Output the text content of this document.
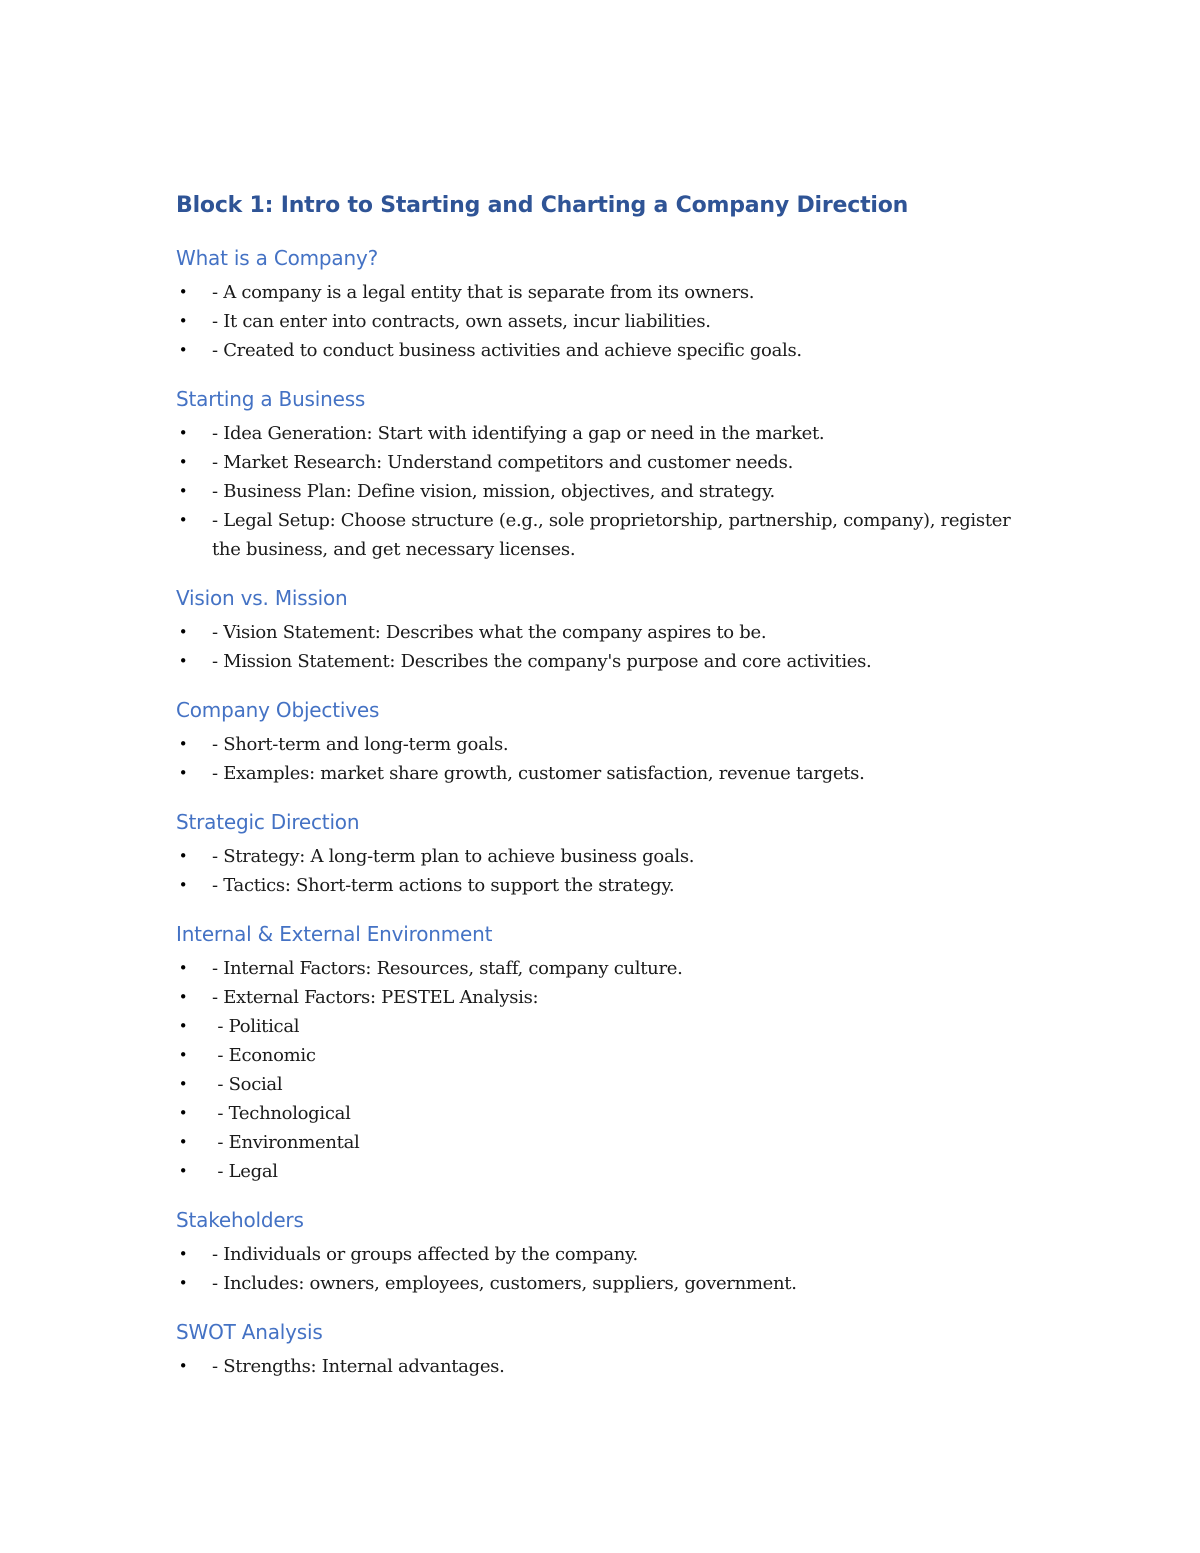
Block 1: Intro to Starting and Charting a Company Direction
What is a Company?
• - A company is a legal entity that is separate from its owners.
• - It can enter into contracts, own assets, incur liabilities.
• - Created to conduct business activities and achieve specific goals.
Starting a Business
• - Idea Generation: Start with identifying a gap or need in the market.
• - Market Research: Understand competitors and customer needs.
• - Business Plan: Define vision, mission, objectives, and strategy.
• - Legal Setup: Choose structure (e.g., sole proprietorship, partnership, company), register the business, and get necessary licenses.
Vision vs. Mission
• - Vision Statement: Describes what the company aspires to be.
• - Mission Statement: Describes the company's purpose and core activities.
Company Objectives
• - Short-term and long-term goals.
• - Examples: market share growth, customer satisfaction, revenue targets.
Strategic Direction
• - Strategy: A long-term plan to achieve business goals.
• - Tactics: Short-term actions to support the strategy.
Internal & External Environment
• - Internal Factors: Resources, staff, company culture.
• - External Factors: PESTEL Analysis:
• - Political
• - Economic
• - Social
• - Technological
• - Environmental
• - Legal
Stakeholders
• - Individuals or groups affected by the company.
• - Includes: owners, employees, customers, suppliers, government.
SWOT Analysis
• - Strengths: Internal advantages.
